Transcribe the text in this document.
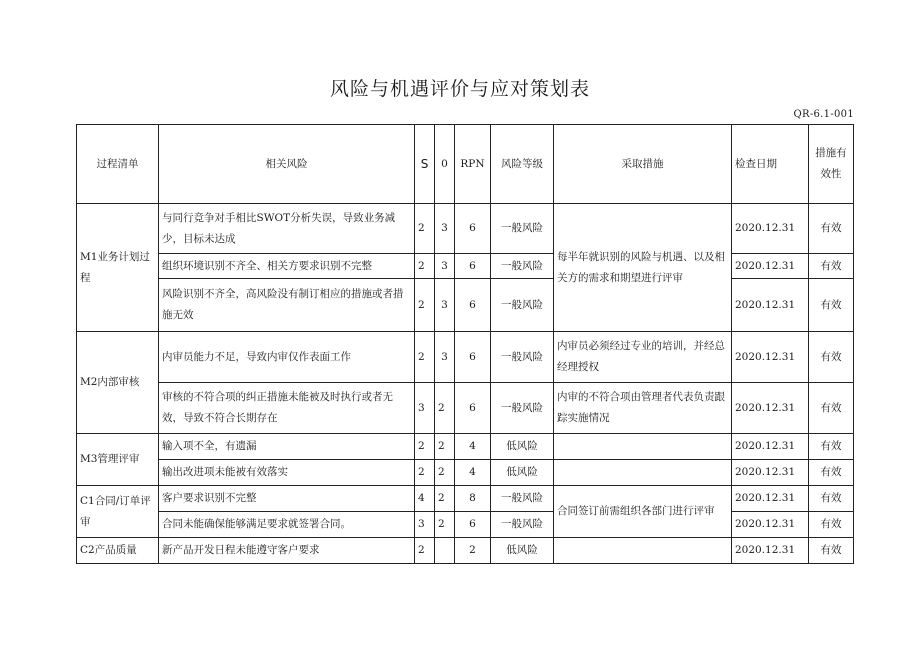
风险与机遇评价与应对策划表
QR-6.1-001
过程清单	相关风险	S	0	RPN	风险等级	采取措施	检查日期	措施有效性
M1业务计划过程	与同行竞争对手相比SWOT分析失误，导致业务减少，目标未达成	2	3	6	一般风险	每半年就识别的风险与机遇、以及相关方的需求和期望进行评审	2020.12.31	有效
	组织环境识别不齐全、相关方要求识别不完整	2	3	6	一般风险		2020.12.31	有效
	风险识别不齐全，高风险没有制订相应的措施或者措施无效	2	3	6	一般风险		2020.12.31	有效
M2内部审核	内审员能力不足，导致内审仅作表面工作	2	3	6	一般风险	内审员必须经过专业的培训，并经总经理授权	2020.12.31	有效
	审核的不符合项的纠正措施未能被及时执行或者无效，导致不符合长期存在	3	2	6	一般风险	内审的不符合项由管理者代表负责跟踪实施情况	2020.12.31	有效
M3管理评审	输入项不全，有遗漏	2	2	4	低风险		2020.12.31	有效
	输出改进项未能被有效落实	2	2	4	低风险		2020.12.31	有效
C1合同/订单评审	客户要求识别不完整	4	2	8	一般风险	合同签订前需组织各部门进行评审	2020.12.31	有效
	合同未能确保能够满足要求就签署合同。	3	2	6	一般风险		2020.12.31	有效
C2产品质量	新产品开发日程未能遵守客户要求	2		2	低风险		2020.12.31	有效
